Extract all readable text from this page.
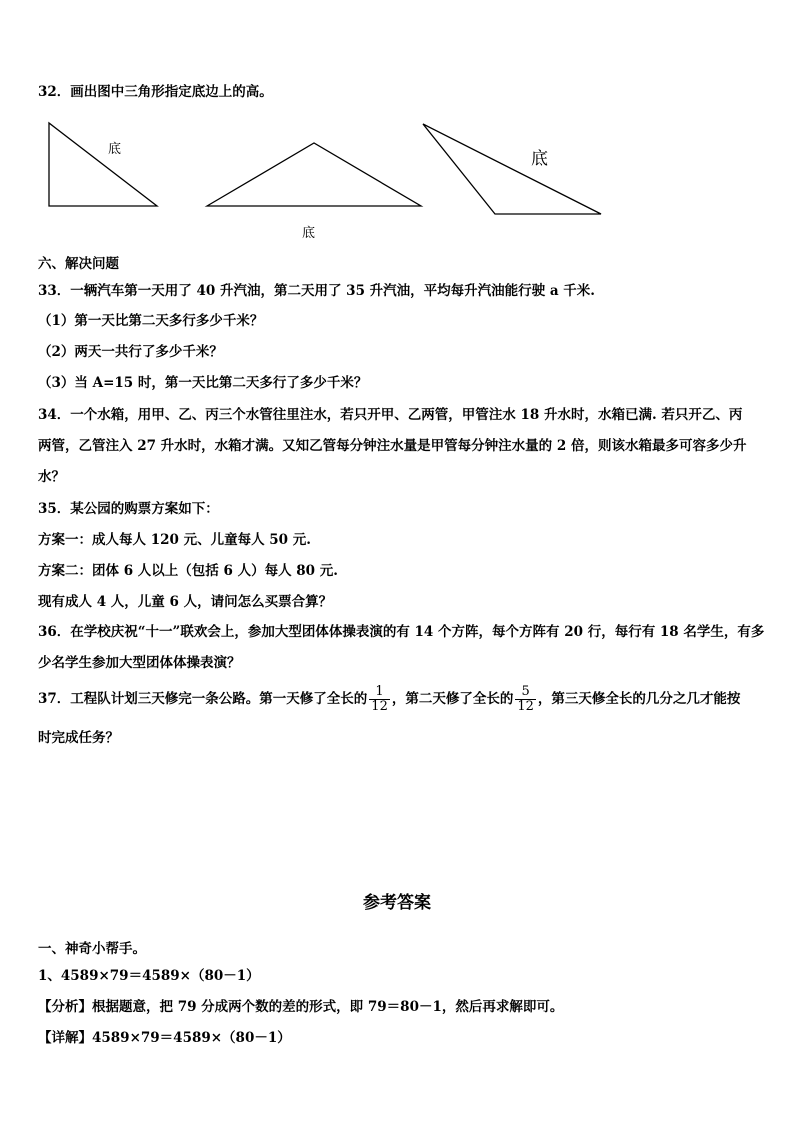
32．画出图中三角形指定底边上的高。
底
底
底
六、解决问题
33．一辆汽车第一天用了 40 升汽油，第二天用了 35 升汽油，平均每升汽油能行驶 a 千米.
（1）第一天比第二天多行多少千米？
（2）两天一共行了多少千米？
（3）当 A=15 时，第一天比第二天多行了多少千米？
34．一个水箱，用甲、乙、丙三个水管往里注水，若只开甲、乙两管，甲管注水 18 升水时，水箱已满. 若只开乙、丙
两管，乙管注入 27 升水时，水箱才满。又知乙管每分钟注水量是甲管每分钟注水量的 2 倍，则该水箱最多可容多少升
水？
35．某公园的购票方案如下：
方案一：成人每人 120 元、儿童每人 50 元.
方案二：团体 6 人以上（包括 6 人）每人 80 元.
现有成人 4 人，儿童 6 人，请问怎么买票合算？
36．在学校庆祝“十一”联欢会上，参加大型团体体操表演的有 14 个方阵，每个方阵有 20 行，每行有 18 名学生，有多
少名学生参加大型团体体操表演？
37．工程队计划三天修完一条公路。第一天修了全长的 $\frac{1}{12}$ ，第二天修了全长的 $\frac{5}{12}$ ，第三天修全长的几分之几才能按
时完成任务？
参考答案
一、神奇小帮手。
1、4589×79＝4589×（80－1）
【分析】根据题意，把 79 分成两个数的差的形式，即 79＝80－1，然后再求解即可。
【详解】4589×79＝4589×（80－1）
